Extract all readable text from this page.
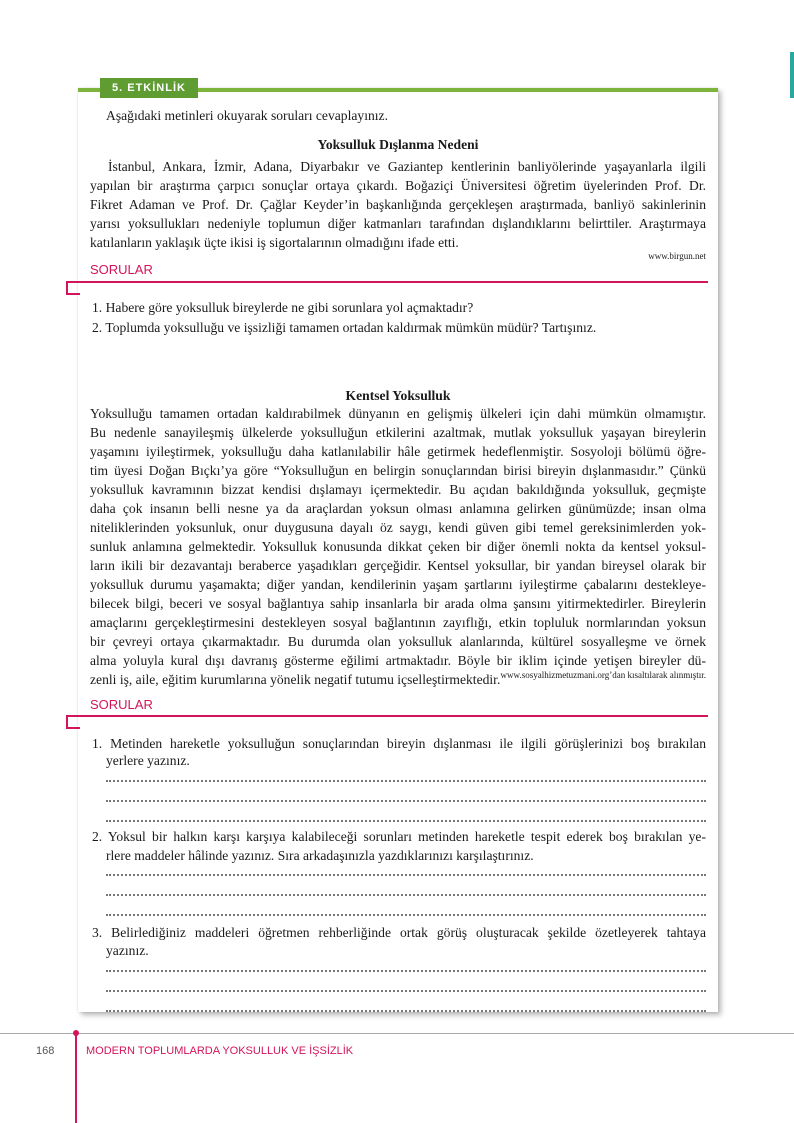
5. ETKİNLİK

Aşağıdaki metinleri okuyarak soruları cevaplayınız.

Yoksulluk Dışlanma Nedeni

İstanbul, Ankara, İzmir, Adana, Diyarbakır ve Gaziantep kentlerinin banliyölerinde yaşayanlarla ilgili

yapılan bir araştırma çarpıcı sonuçlar ortaya çıkardı. Boğaziçi Üniversitesi öğretim üyelerinden Prof. Dr.

Fikret Adaman ve Prof. Dr. Çağlar Keyder’in başkanlığında gerçekleşen araştırmada, banliyö sakinlerinin

yarısı yoksullukları nedeniyle toplumun diğer katmanları tarafından dışlandıklarını belirttiler. Araştırmaya

katılanların yaklaşık üçte ikisi iş sigortalarının olmadığını ifade etti.

www.birgun.net
SORULAR

1. Habere göre yoksulluk bireylerde ne gibi sorunlara yol açmaktadır?

2. Toplumda yoksulluğu ve işsizliği tamamen ortadan kaldırmak mümkün müdür? Tartışınız.

Kentsel Yoksulluk

Yoksulluğu tamamen ortadan kaldırabilmek dünyanın en gelişmiş ülkeleri için dahi mümkün olmamıştır.

Bu nedenle sanayileşmiş ülkelerde yoksulluğun etkilerini azaltmak, mutlak yoksulluk yaşayan bireylerin

yaşamını iyileştirmek, yoksulluğu daha katlanılabilir hâle getirmek hedeflenmiştir. Sosyoloji bölümü öğre-

tim üyesi Doğan Bıçkı’ya göre “Yoksulluğun en belirgin sonuçlarından birisi bireyin dışlanmasıdır.” Çünkü

yoksulluk kavramının bizzat kendisi dışlamayı içermektedir. Bu açıdan bakıldığında yoksulluk, geçmişte

daha çok insanın belli nesne ya da araçlardan yoksun olması anlamına gelirken günümüzde; insan olma

niteliklerinden yoksunluk, onur duygusuna dayalı öz saygı, kendi güven gibi temel gereksinimlerden yok-

sunluk anlamına gelmektedir. Yoksulluk konusunda dikkat çeken bir diğer önemli nokta da kentsel yoksul-

ların ikili bir dezavantajı beraberce yaşadıkları gerçeğidir. Kentsel yoksullar, bir yandan bireysel olarak bir

yoksulluk durumu yaşamakta; diğer yandan, kendilerinin yaşam şartlarını iyileştirme çabalarını destekleye-

bilecek bilgi, beceri ve sosyal bağlantıya sahip insanlarla bir arada olma şansını yitirmektedirler. Bireylerin

amaçlarını gerçekleştirmesini destekleyen sosyal bağlantının zayıflığı, etkin topluluk normlarından yoksun

bir çevreyi ortaya çıkarmaktadır. Bu durumda olan yoksulluk alanlarında, kültürel sosyalleşme ve örnek

alma yoluyla kural dışı davranış gösterme eğilimi artmaktadır. Böyle bir iklim içinde yetişen bireyler dü-

zenli iş, aile, eğitim kurumlarına yönelik negatif tutumu içselleştirmektedir. www.sosyalhizmetuzmani.org’dan kısaltılarak alınmıştır.
SORULAR

1. Metinden hareketle yoksulluğun sonuçlarından bireyin dışlanması ile ilgili görüşlerinizi boş bırakılan

yerlere yazınız.

2. Yoksul bir halkın karşı karşıya kalabileceği sorunları metinden hareketle tespit ederek boş bırakılan ye-

rlere maddeler hâlinde yazınız. Sıra arkadaşınızla yazdıklarınızı karşılaştırınız.

3. Belirlediğiniz maddeleri öğretmen rehberliğinde ortak görüş oluşturacak şekilde özetleyerek tahtaya

yazınız.

168	MODERN TOPLUMLARDA YOKSULLUK VE İŞSİZLİK
